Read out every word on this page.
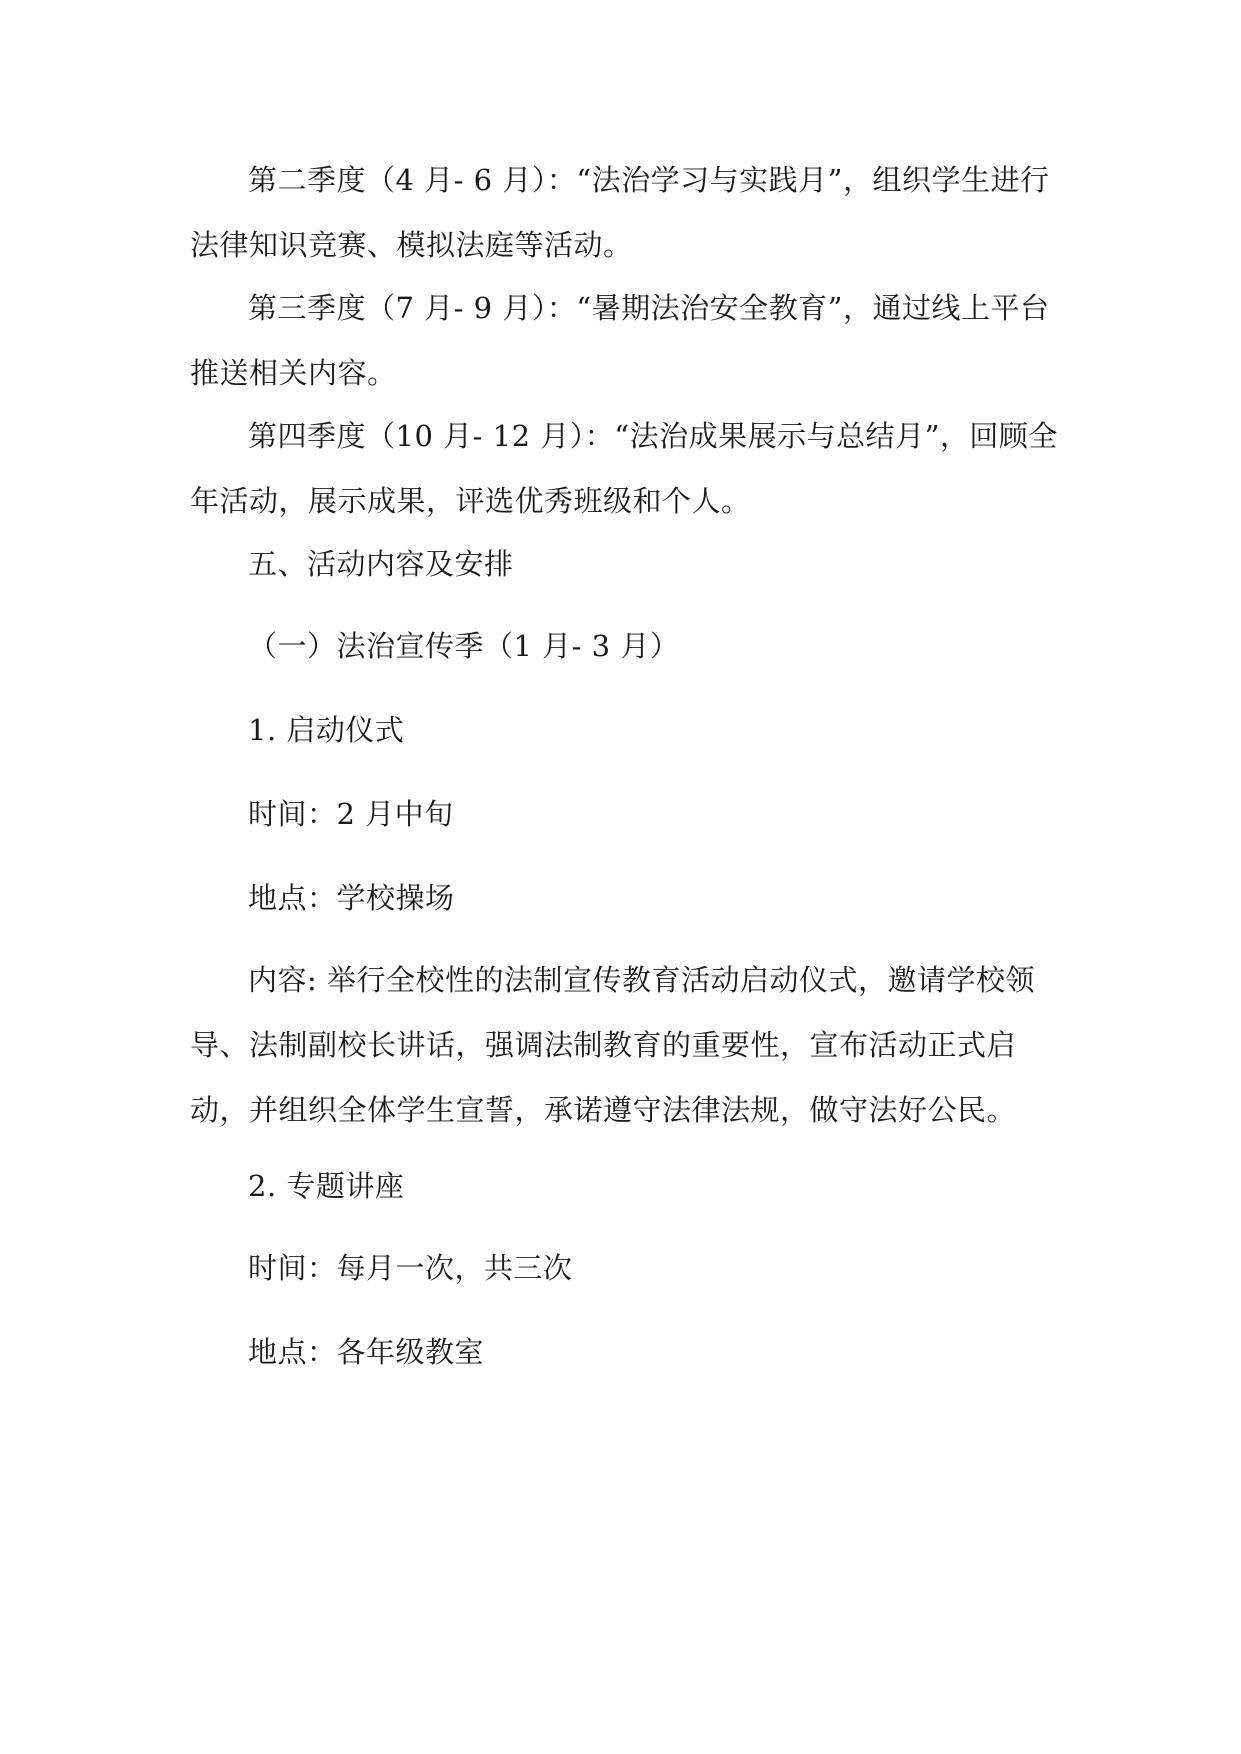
第二季度（4 月- 6 月）：“法治学习与实践月”，组织学生进行法律知识竞赛、模拟法庭等活动。

第三季度（7 月- 9 月）：“暑期法治安全教育”，通过线上平台推送相关内容。

第四季度（10 月- 12 月）：“法治成果展示与总结月”，回顾全年活动，展示成果，评选优秀班级和个人。

五、活动内容及安排

（一）法治宣传季（1 月- 3 月）

1. 启动仪式

时间：2 月中旬

地点：学校操场

内容: 举行全校性的法制宣传教育活动启动仪式，邀请学校领导、法制副校长讲话，强调法制教育的重要性，宣布活动正式启动，并组织全体学生宣誓，承诺遵守法律法规，做守法好公民。

2. 专题讲座

时间：每月一次，共三次

地点：各年级教室
